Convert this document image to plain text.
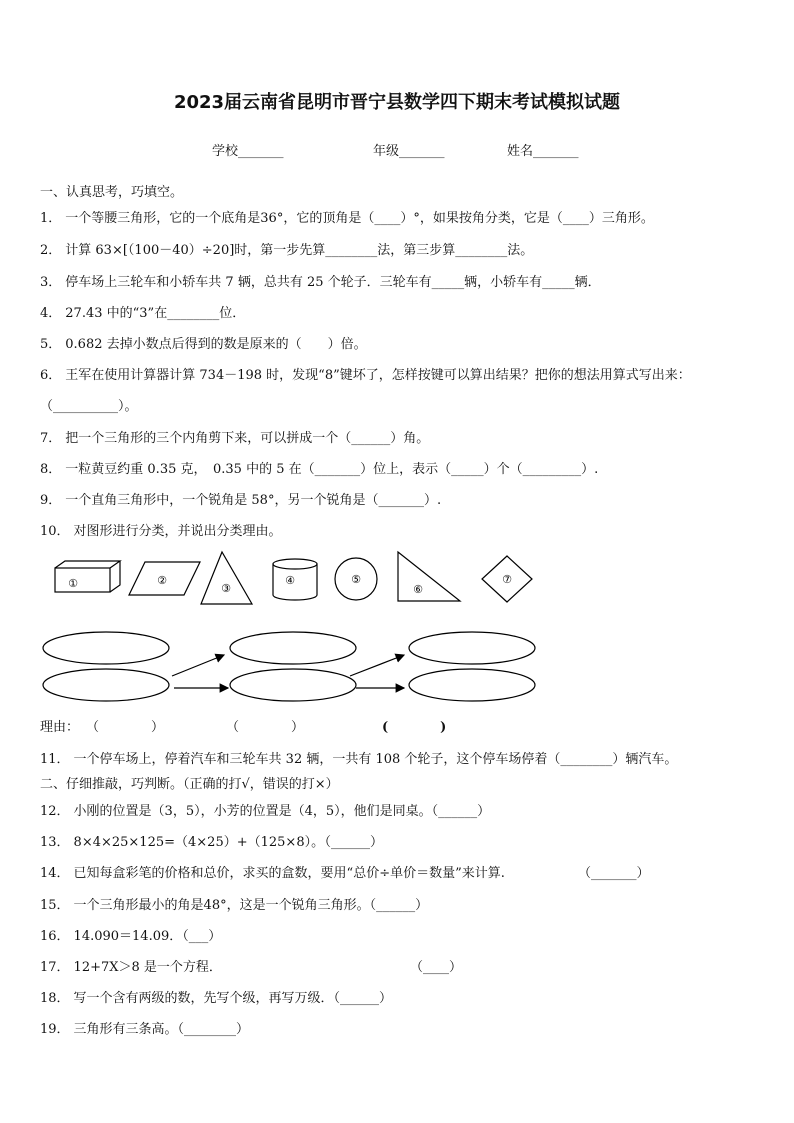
2023届云南省昆明市晋宁县数学四下期末考试模拟试题
学校_______	年级_______	姓名_______
一、认真思考，巧填空。
1． 一个等腰三角形，它的一个底角是36°，它的顶角是（____）°，如果按角分类，它是（____）三角形。
2． 计算 63×[（100－40）÷20]时，第一步先算________法，第三步算________法。
3． 停车场上三轮车和小轿车共 7 辆，总共有 25 个轮子．三轮车有_____辆，小轿车有_____辆．
4． 27.43 中的“3”在________位．
5． 0.682 去掉小数点后得到的数是原来的（　　）倍。
6． 王军在使用计算器计算 734－198 时，发现“8”键坏了，怎样按键可以算出结果？把你的想法用算式写出来：
（__________）。
7． 把一个三角形的三个内角剪下来，可以拼成一个（______）角。
8． 一粒黄豆约重 0.35 克，　0.35 中的 5 在（_______）位上，表示（_____）个（_________）.
9． 一个直角三角形中，一个锐角是 58°，另一个锐角是（_______）.
10． 对图形进行分类，并说出分类理由。
①	②
③
④	⑤
⑥
⑦
理由： （　　　　）	（　　　　）	(　　　　)
11． 一个停车场上，停着汽车和三轮车共 32 辆，一共有 108 个轮子，这个停车场停着（________）辆汽车。
二、仔细推敲，巧判断。（正确的打√，错误的打×）
12． 小刚的位置是（3，5），小芳的位置是（4，5），他们是同桌。（______）
13． 8×4×25×125=（4×25）+（125×8）。
（______）
14． 已知每盒彩笔的价格和总价，求买的盒数，要用“总价÷单价＝数量”来计算.	（_______）
15． 一个三角形最小的角是48°，这是一个锐角三角形。（______）
16． 14.090＝14.09．（___）
17． 12+7X＞8 是一个方程．	（____）
18． 写一个含有两级的数，先写个级，再写万级．（______）
19． 三角形有三条高。（________）
